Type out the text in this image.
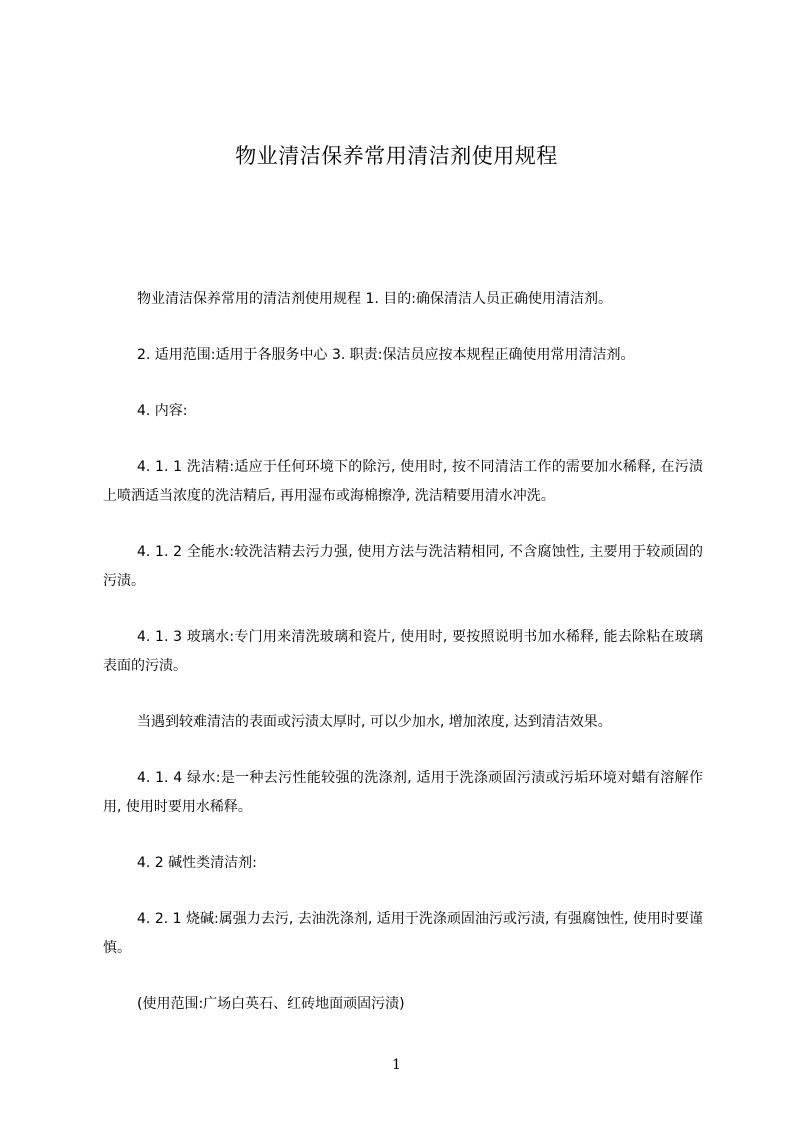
物业清洁保养常用清洁剂使用规程

物业清洁保养常用的清洁剂使用规程 1. 目的:确保清洁人员正确使用清洁剂。

2. 适用范围:适用于各服务中心 3. 职责:保洁员应按本规程正确使用常用清洁剂。

4. 内容:

4. 1. 1 洗洁精:适应于任何环境下的除污, 使用时, 按不同清洁工作的需要加水稀释, 在污渍上喷洒适当浓度的洗洁精后, 再用湿布或海棉擦净, 洗洁精要用清水冲洗。

4. 1. 2 全能水:较洗洁精去污力强, 使用方法与洗洁精相同, 不含腐蚀性, 主要用于较顽固的污渍。

4. 1. 3 玻璃水:专门用来清洗玻璃和瓷片, 使用时, 要按照说明书加水稀释, 能去除粘在玻璃表面的污渍。

当遇到较难清洁的表面或污渍太厚时, 可以少加水, 增加浓度, 达到清洁效果。

4. 1. 4 绿水:是一种去污性能较强的洗涤剂, 适用于洗涤顽固污渍或污垢环境对蜡有溶解作用, 使用时要用水稀释。

4. 2 碱性类清洁剂:

4. 2. 1 烧碱:属强力去污, 去油洗涤剂, 适用于洗涤顽固油污或污渍, 有强腐蚀性, 使用时要谨慎。

(使用范围:广场白英石、红砖地面顽固污渍)

1
